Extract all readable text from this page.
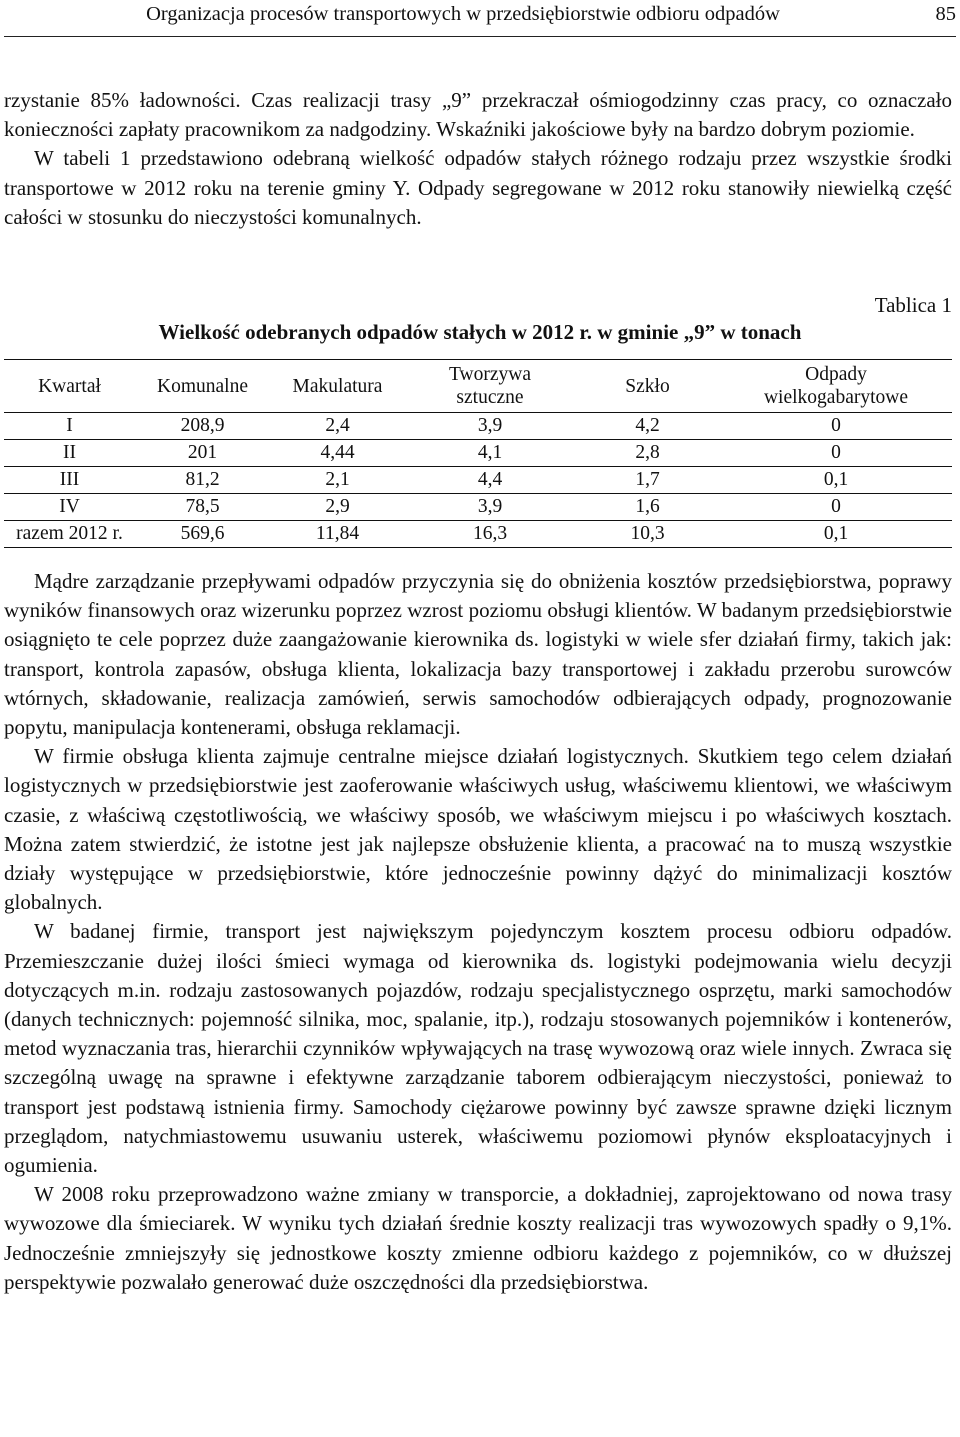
Organizacja procesów transportowych w przedsiębiorstwie odbioru odpadów	85

rzystanie 85% ładowności. Czas realizacji trasy „9” przekraczał ośmiogodzinny czas pracy, co oznaczało konieczności zapłaty pracownikom za nadgodziny. Wskaźniki jakościowe były na bardzo dobrym poziomie.

W tabeli 1 przedstawiono odebraną wielkość odpadów stałych różnego rodzaju przez wszystkie środki transportowe w 2012 roku na terenie gminy Y. Odpady segregowane w 2012 roku stanowiły niewielką część całości w stosunku do nieczystości komunalnych.

Tablica 1
Wielkość odebranych odpadów stałych w 2012 r. w gminie „9” w tonach
Kwartał	Komunalne	Makulatura	Tworzywa sztuczne	Szkło	Odpady wielkogabarytowe
I	208,9	2,4	3,9	4,2	0
II	201	4,44	4,1	2,8	0
III	81,2	2,1	4,4	1,7	0,1
IV	78,5	2,9	3,9	1,6	0
razem 2012 r.	569,6	11,84	16,3	10,3	0,1

Mądre zarządzanie przepływami odpadów przyczynia się do obniżenia kosztów przedsiębiorstwa, poprawy wyników finansowych oraz wizerunku poprzez wzrost poziomu obsługi klientów. W badanym przedsiębiorstwie osiągnięto te cele poprzez duże zaangażowanie kierownika ds. logistyki w wiele sfer działań firmy, takich jak: transport, kontrola zapasów, obsługa klienta, lokalizacja bazy transportowej i zakładu przerobu surowców wtórnych, składowanie, realizacja zamówień, serwis samochodów odbierających odpady, prognozowanie popytu, manipulacja kontenerami, obsługa reklamacji.

W firmie obsługa klienta zajmuje centralne miejsce działań logistycznych. Skutkiem tego celem działań logistycznych w przedsiębiorstwie jest zaoferowanie właściwych usług, właściwemu klientowi, we właściwym czasie, z właściwą częstotliwością, we właściwy sposób, we właściwym miejscu i po właściwych kosztach. Można zatem stwierdzić, że istotne jest jak najlepsze obsłużenie klienta, a pracować na to muszą wszystkie działy występujące w przedsiębiorstwie, które jednocześnie powinny dążyć do minimalizacji kosztów globalnych.

W badanej firmie, transport jest największym pojedynczym kosztem procesu odbioru odpadów. Przemieszczanie dużej ilości śmieci wymaga od kierownika ds. logistyki podejmowania wielu decyzji dotyczących m.in. rodzaju zastosowanych pojazdów, rodzaju specjalistycznego osprzętu, marki samochodów (danych technicznych: pojemność silnika, moc, spalanie, itp.), rodzaju stosowanych pojemników i kontenerów, metod wyznaczania tras, hierarchii czynników wpływających na trasę wywozową oraz wiele innych. Zwraca się szczególną uwagę na sprawne i efektywne zarządzanie taborem odbierającym nieczystości, ponieważ to transport jest podstawą istnienia firmy. Samochody ciężarowe powinny być zawsze sprawne dzięki licznym przeglądom, natychmiastowemu usuwaniu usterek, właściwemu poziomowi płynów eksploatacyjnych i ogumienia.

W 2008 roku przeprowadzono ważne zmiany w transporcie, a dokładniej, zaprojektowano od nowa trasy wywozowe dla śmieciarek. W wyniku tych działań średnie koszty realizacji tras wywozowych spadły o 9,1%. Jednocześnie zmniejszyły się jednostkowe koszty zmienne odbioru każdego z pojemników, co w dłuższej perspektywie pozwalało generować duże oszczędności dla przedsiębiorstwa.
